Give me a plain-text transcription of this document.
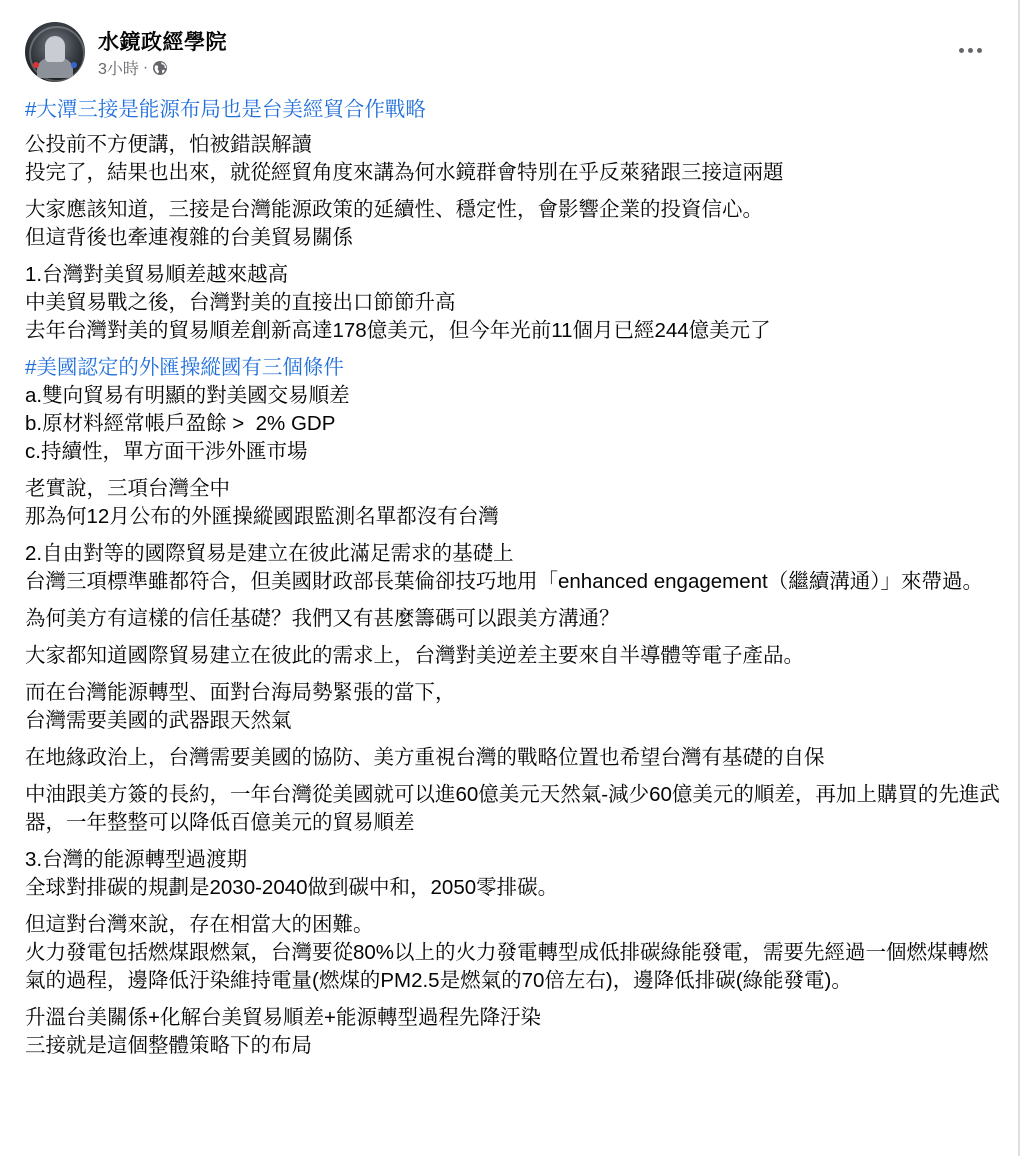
水鏡政經學院
3小時 ·

#大潭三接是能源布局也是台美經貿合作戰略

公投前不方便講，怕被錯誤解讀
投完了，結果也出來，就從經貿角度來講為何水鏡群會特別在乎反萊豬跟三接這兩題

大家應該知道，三接是台灣能源政策的延續性、穩定性，會影響企業的投資信心。
但這背後也牽連複雜的台美貿易關係

1.台灣對美貿易順差越來越高
中美貿易戰之後，台灣對美的直接出口節節升高
去年台灣對美的貿易順差創新高達178億美元，但今年光前11個月已經244億美元了

#美國認定的外匯操縱國有三個條件
a.雙向貿易有明顯的對美國交易順差
b.原材料經常帳戶盈餘 >  2% GDP
c.持續性，單方面干涉外匯市場

老實說，三項台灣全中
那為何12月公布的外匯操縱國跟監測名單都沒有台灣

2.自由對等的國際貿易是建立在彼此滿足需求的基礎上
台灣三項標準雖都符合，但美國財政部長葉倫卻技巧地用「enhanced engagement（繼續溝通）」來帶過。

為何美方有這樣的信任基礎？我們又有甚麼籌碼可以跟美方溝通？

大家都知道國際貿易建立在彼此的需求上，台灣對美逆差主要來自半導體等電子產品。

而在台灣能源轉型、面對台海局勢緊張的當下，
台灣需要美國的武器跟天然氣

在地緣政治上，台灣需要美國的協防、美方重視台灣的戰略位置也希望台灣有基礎的自保

中油跟美方簽的長約，一年台灣從美國就可以進60億美元天然氣-減少60億美元的順差，再加上購買的先進武器，一年整整可以降低百億美元的貿易順差

3.台灣的能源轉型過渡期
全球對排碳的規劃是2030-2040做到碳中和，2050零排碳。

但這對台灣來說，存在相當大的困難。
火力發電包括燃煤跟燃氣，台灣要從80%以上的火力發電轉型成低排碳綠能發電，需要先經過一個燃煤轉燃氣的過程，邊降低汙染維持電量(燃煤的PM2.5是燃氣的70倍左右)，邊降低排碳(綠能發電)。

升溫台美關係+化解台美貿易順差+能源轉型過程先降汙染
三接就是這個整體策略下的布局
